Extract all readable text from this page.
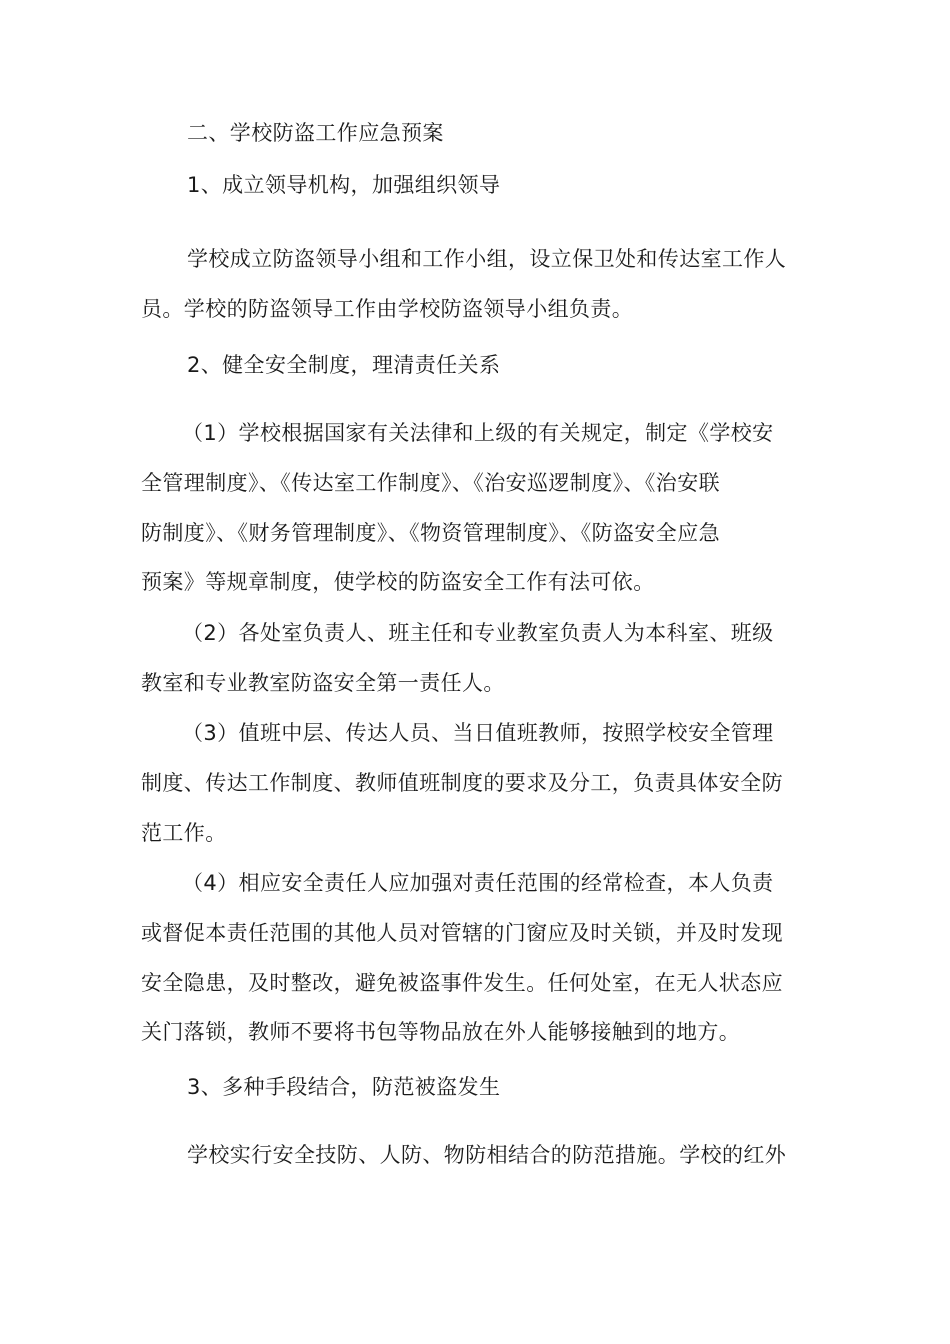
二、学校防盗工作应急预案
1、成立领导机构，加强组织领导
学校成立防盗领导小组和工作小组，设立保卫处和传达室工作人
员。学校的防盗领导工作由学校防盗领导小组负责。
2、健全安全制度，理清责任关系
（1）学校根据国家有关法律和上级的有关规定，制定《学校安
全管理制度》、《传达室工作制度》、《治安巡逻制度》、《治安联
防制度》、《财务管理制度》、《物资管理制度》、《防盗安全应急
预案》等规章制度，使学校的防盗安全工作有法可依。
（2）各处室负责人、班主任和专业教室负责人为本科室、班级
教室和专业教室防盗安全第一责任人。
（3）值班中层、传达人员、当日值班教师，按照学校安全管理
制度、传达工作制度、教师值班制度的要求及分工，负责具体安全防
范工作。
（4）相应安全责任人应加强对责任范围的经常检查，本人负责
或督促本责任范围的其他人员对管辖的门窗应及时关锁，并及时发现
安全隐患，及时整改，避免被盗事件发生。任何处室，在无人状态应
关门落锁，教师不要将书包等物品放在外人能够接触到的地方。
3、多种手段结合，防范被盗发生
学校实行安全技防、人防、物防相结合的防范措施。学校的红外
